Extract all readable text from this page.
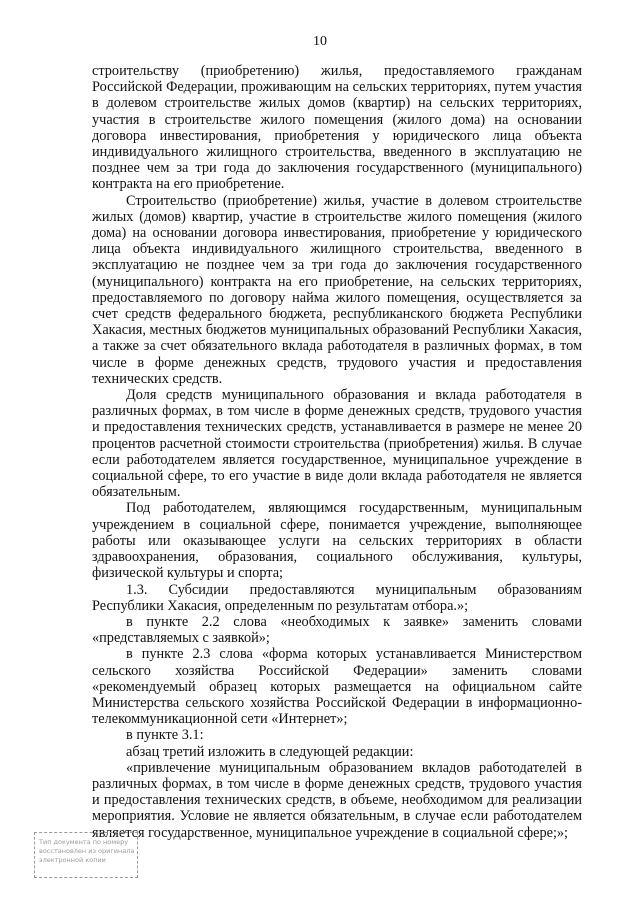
10

строительству (приобретению) жилья, предоставляемого гражданам Российской Федерации, проживающим на сельских территориях, путем участия в долевом строительстве жилых домов (квартир) на сельских территориях, участия в строительстве жилого помещения (жилого дома) на основании договора инвестирования, приобретения у юридического лица объекта индивидуального жилищного строительства, введенного в эксплуатацию не позднее чем за три года до заключения государственного (муниципального) контракта на его приобретение.

Строительство (приобретение) жилья, участие в долевом строительстве жилых (домов) квартир, участие в строительстве жилого помещения (жилого дома) на основании договора инвестирования, приобретение у юридического лица объекта индивидуального жилищного строительства, введенного в эксплуатацию не позднее чем за три года до заключения государственного (муниципального) контракта на его приобретение, на сельских территориях, предоставляемого по договору найма жилого помещения, осуществляется за счет средств федерального бюджета, республиканского бюджета Республики Хакасия, местных бюджетов муниципальных образований Республики Хакасия, а также за счет обязательного вклада работодателя в различных формах, в том числе в форме денежных средств, трудового участия и предоставления технических средств.

Доля средств муниципального образования и вклада работодателя в различных формах, в том числе в форме денежных средств, трудового участия и предоставления технических средств, устанавливается в размере не менее 20 процентов расчетной стоимости строительства (приобретения) жилья. В случае если работодателем является государственное, муниципальное учреждение в социальной сфере, то его участие в виде доли вклада работодателя не является обязательным.

Под работодателем, являющимся государственным, муниципальным учреждением в социальной сфере, понимается учреждение, выполняющее работы или оказывающее услуги на сельских территориях в области здравоохранения, образования, социального обслуживания, культуры, физической культуры и спорта;

1.3. Субсидии предоставляются муниципальным образованиям Республики Хакасия, определенным по результатам отбора.»;

в пункте 2.2 слова «необходимых к заявке» заменить словами «представляемых с заявкой»;

в пункте 2.3 слова «форма которых устанавливается Министерством сельского хозяйства Российской Федерации» заменить словами «рекомендуемый образец которых размещается на официальном сайте Министерства сельского хозяйства Российской Федерации в информационно-телекоммуникационной сети «Интернет»;

в пункте 3.1:

абзац третий изложить в следующей редакции:

«привлечение муниципальным образованием вкладов работодателей в различных формах, в том числе в форме денежных средств, трудового участия и предоставления технических средств, в объеме, необходимом для реализации мероприятия. Условие не является обязательным, в случае если работодателем является государственное, муниципальное учреждение в социальной сфере;»;

Тип документа по номеру
восстановлен из оригинала
электронной копии
